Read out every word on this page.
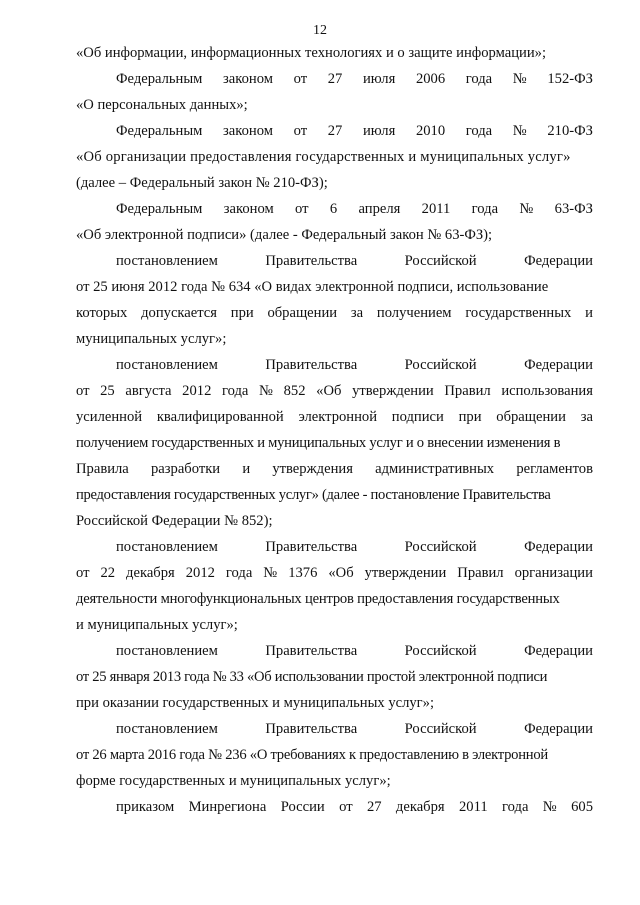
12
«Об информации, информационных технологиях и о защите информации»;
Федеральным законом от 27 июля 2006 года № 152-ФЗ
«О персональных данных»;
Федеральным законом от 27 июля 2010 года № 210-ФЗ
«Об организации предоставления государственных и муниципальных услуг»
(далее – Федеральный закон № 210-ФЗ);
Федеральным законом от 6 апреля 2011 года № 63-ФЗ
«Об электронной подписи» (далее - Федеральный закон № 63-ФЗ);
постановлением	Правительства	Российской	Федерации
от 25 июня 2012 года № 634 «О видах электронной подписи, использование
которых допускается при обращении за получением государственных и
муниципальных услуг»;
постановлением	Правительства	Российской	Федерации
от 25 августа 2012 года № 852 «Об утверждении Правил использования
усиленной квалифицированной электронной подписи при обращении за
получением государственных и муниципальных услуг и о внесении изменения в
Правила разработки и утверждения административных регламентов
предоставления государственных услуг» (далее - постановление Правительства
Российской Федерации № 852);
постановлением	Правительства	Российской	Федерации
от 22 декабря 2012 года № 1376 «Об утверждении Правил организации
деятельности многофункциональных центров предоставления государственных
и муниципальных услуг»;
постановлением	Правительства	Российской	Федерации
от 25 января 2013 года № 33 «Об использовании простой электронной подписи
при оказании государственных и муниципальных услуг»;
постановлением	Правительства	Российской	Федерации
от 26 марта 2016 года № 236 «О требованиях к предоставлению в электронной
форме государственных и муниципальных услуг»;
приказом Минрегиона России от 27 декабря 2011 года № 605
